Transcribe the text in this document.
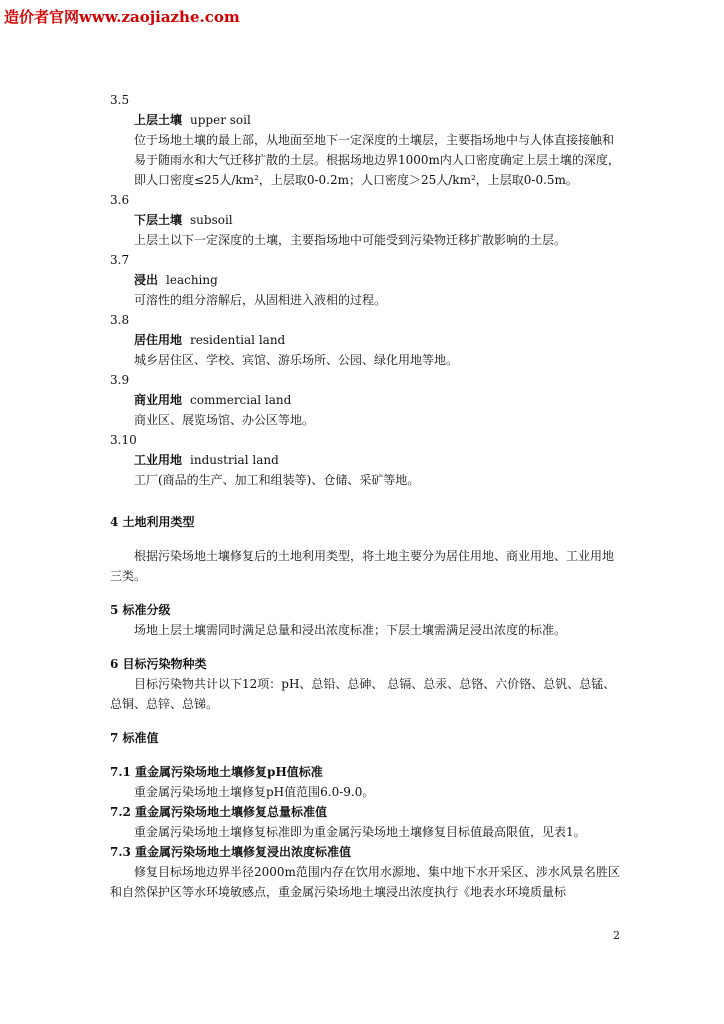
造价者官网www.zaojiazhe.com

3.5

上层土壤 upper soil

位于场地土壤的最上部，从地面至地下一定深度的土壤层，主要指场地中与人体直接接触和易于随雨水和大气迁移扩散的土层。根据场地边界1000m内人口密度确定上层土壤的深度，即人口密度≤25人/km²，上层取0-0.2m；人口密度＞25人/km²，上层取0-0.5m。

3.6

下层土壤 subsoil

上层土以下一定深度的土壤，主要指场地中可能受到污染物迁移扩散影响的土层。

3.7

浸出 leaching

可溶性的组分溶解后，从固相进入液相的过程。

3.8

居住用地 residential land

城乡居住区、学校、宾馆、游乐场所、公园、绿化用地等地。

3.9

商业用地 commercial land

商业区、展览场馆、办公区等地。

3.10

工业用地 industrial land

工厂(商品的生产、加工和组装等)、仓储、采矿等地。

4 土地利用类型

根据污染场地土壤修复后的土地利用类型，将土地主要分为居住用地、商业用地、工业用地三类。

5 标准分级

场地上层土壤需同时满足总量和浸出浓度标准；下层土壤需满足浸出浓度的标准。

6 目标污染物种类

目标污染物共计以下12项：pH、总铅、总砷、 总镉、总汞、总铬、六价铬、总钒、总锰、总铜、总锌、总锑。

7 标准值

7.1 重金属污染场地土壤修复pH值标准

重金属污染场地土壤修复pH值范围6.0-9.0。

7.2 重金属污染场地土壤修复总量标准值

重金属污染场地土壤修复标准即为重金属污染场地土壤修复目标值最高限值，见表1。

7.3 重金属污染场地土壤修复浸出浓度标准值

修复目标场地边界半径2000m范围内存在饮用水源地、集中地下水开采区、涉水风景名胜区和自然保护区等水环境敏感点，重金属污染场地土壤浸出浓度执行《地表水环境质量标

2
